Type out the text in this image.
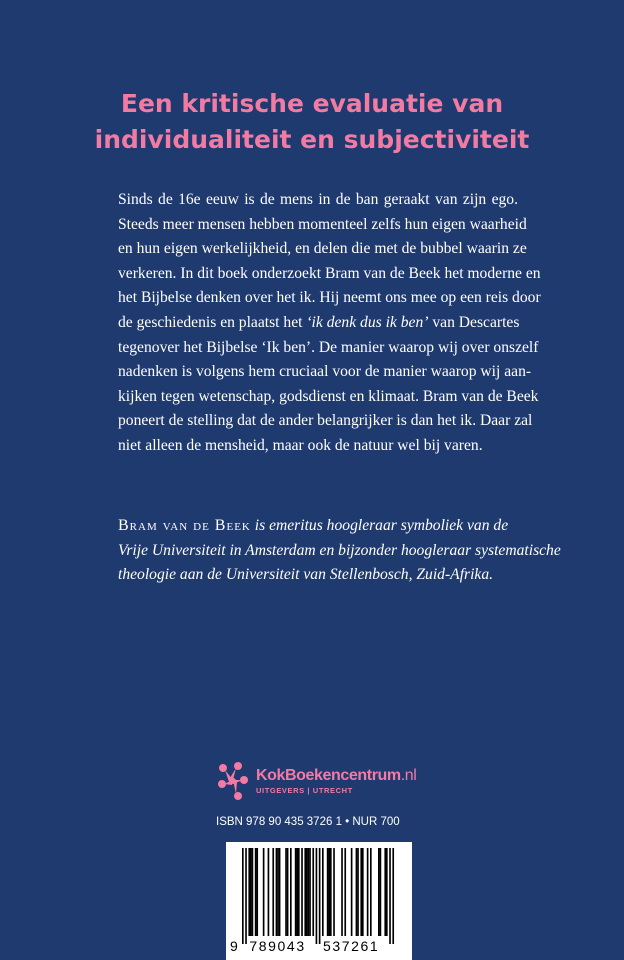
Een kritische evaluatie van
individualiteit en subjectiviteit
Sinds de 16e eeuw is de mens in de ban geraakt van zijn ego.
Steeds meer mensen hebben momenteel zelfs hun eigen waarheid
en hun eigen werkelijkheid, en delen die met de bubbel waarin ze
verkeren. In dit boek onderzoekt Bram van de Beek het moderne en
het Bijbelse denken over het ik. Hij neemt ons mee op een reis door
de geschiedenis en plaatst het ‘ik denk dus ik ben’ van Descartes
tegenover het Bijbelse ‘Ik ben’. De manier waarop wij over onszelf
nadenken is volgens hem cruciaal voor de manier waarop wij aan-
kijken tegen wetenschap, godsdienst en klimaat. Bram van de Beek
poneert de stelling dat de ander belangrijker is dan het ik. Daar zal
niet alleen de mensheid, maar ook de natuur wel bij varen.
Bram van de Beek is emeritus hoogleraar symboliek van de
Vrije Universiteit in Amsterdam en bijzonder hoogleraar systematische
theologie aan de Universiteit van Stellenbosch, Zuid-Afrika.
KokBoekencentrum.nl
UITGEVERS | UTRECHT
ISBN 978 90 435 3726 1 • NUR 700
9 789043 537261
